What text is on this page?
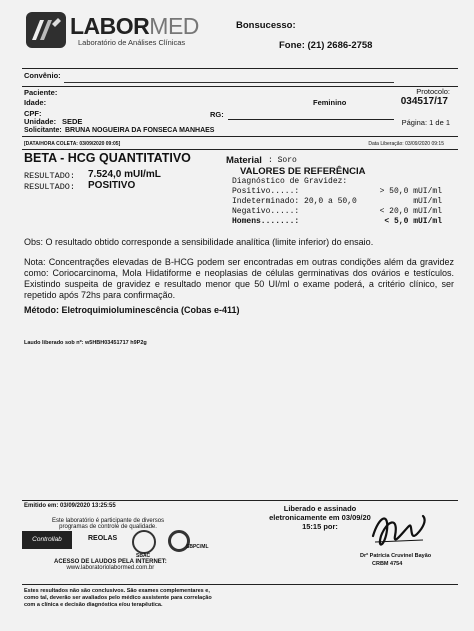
LABORMED
Laboratório de Análises Clínicas
Bonsucesso:
Fone: (21) 2686-2758
Convênio:
Paciente:	Protocolo:
Idade:	Feminino	034517/17
CPF:	RG:
Unidade: SEDE	Página: 1 de 1
Solicitante: BRUNA NOGUEIRA DA FONSECA MANHAES
[DATA/HORA COLETA: 03/09/2020 09:05]	Data Liberação: 03/09/2020 09:15
BETA - HCG QUANTITATIVO
RESULTADO: 7.524,0 mUI/mL
RESULTADO: POSITIVO
Material : Soro
VALORES DE REFERÊNCIA
Diagnóstico de Gravidez:
Positivo.....:	> 50,0 mUI/ml
Indeterminado: 20,0 a 50,0	mUI/ml
Negativo.....:	< 20,0 mUI/ml
Homens.......:	< 5,0 mUI/ml
Obs: O resultado obtido corresponde a sensibilidade analítica (limite inferior) do ensaio.
Nota: Concentrações elevadas de B-HCG podem ser encontradas em outras condições além da gravidez como: Coriocarcinoma, Mola Hidatiforme e neoplasias de células germinativas dos ovários e testículos. Existindo suspeita de gravidez e resultado menor que 50 UI/ml o exame poderá, a critério clínico, ser repetido após 72hs para confirmação.
Método: Eletroquimioluminescência (Cobas e-411)
Laudo liberado sob nº: w5HBH03451717 h9P2g
Emitido em: 03/09/2020 13:25:55
Este laboratório é participante de diversos
programas de controle de qualidade.
Controllab	REOLAS
SBAC
SBPC/ML
ACESSO DE LAUDOS PELA INTERNET:
www.laboratoriolabormed.com.br
Liberado e assinado
eletronicamente em 03/09/20
15:15 por:
Drª Patrícia Cruvinel Bayão
CRBM 4754
Estes resultados não são conclusivos. São exames complementares e, como tal, deverão ser avaliados pelo médico assistente para correlação com a clínica e decisão diagnóstica e/ou terapêutica.
